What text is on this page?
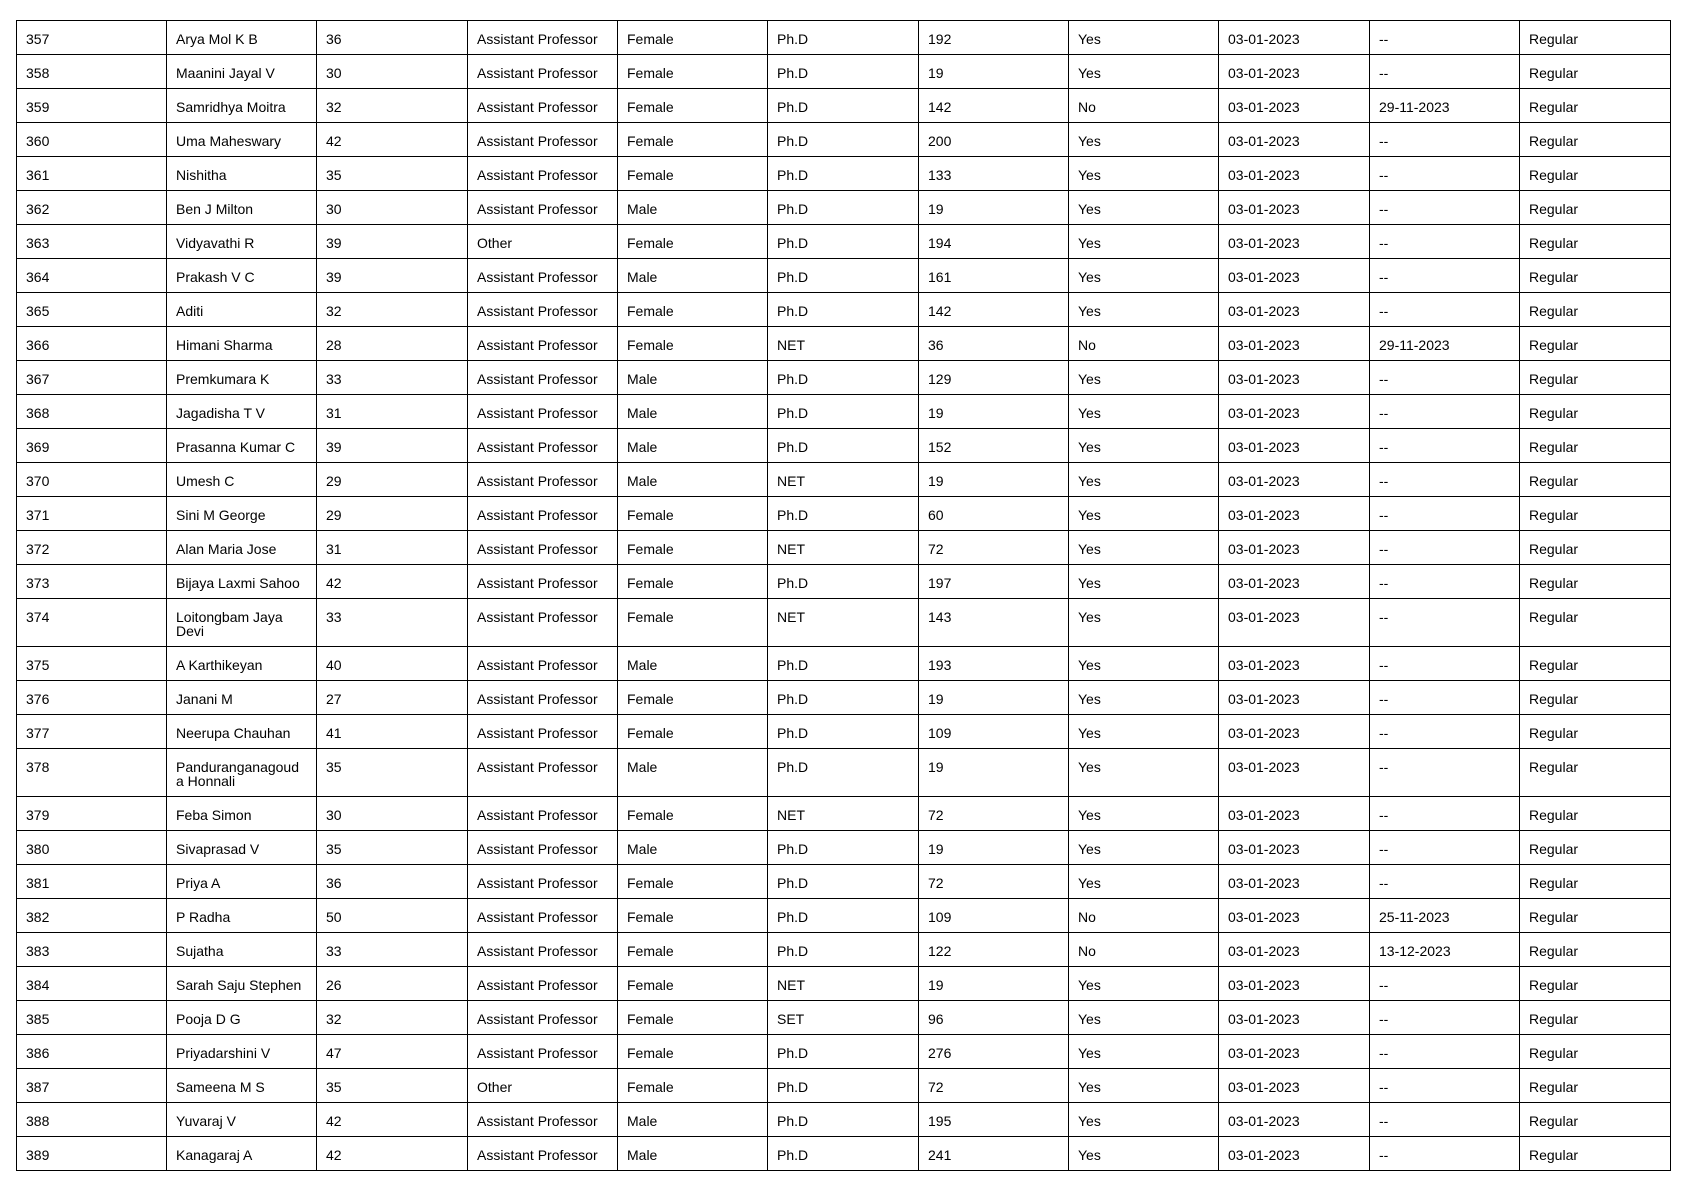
357	Arya Mol K B	36	Assistant Professor	Female	Ph.D	192	Yes	03-01-2023	--	Regular
358	Maanini Jayal V	30	Assistant Professor	Female	Ph.D	19	Yes	03-01-2023	--	Regular
359	Samridhya Moitra	32	Assistant Professor	Female	Ph.D	142	No	03-01-2023	29-11-2023	Regular
360	Uma Maheswary	42	Assistant Professor	Female	Ph.D	200	Yes	03-01-2023	--	Regular
361	Nishitha	35	Assistant Professor	Female	Ph.D	133	Yes	03-01-2023	--	Regular
362	Ben J Milton	30	Assistant Professor	Male	Ph.D	19	Yes	03-01-2023	--	Regular
363	Vidyavathi R	39	Other	Female	Ph.D	194	Yes	03-01-2023	--	Regular
364	Prakash V C	39	Assistant Professor	Male	Ph.D	161	Yes	03-01-2023	--	Regular
365	Aditi	32	Assistant Professor	Female	Ph.D	142	Yes	03-01-2023	--	Regular
366	Himani Sharma	28	Assistant Professor	Female	NET	36	No	03-01-2023	29-11-2023	Regular
367	Premkumara K	33	Assistant Professor	Male	Ph.D	129	Yes	03-01-2023	--	Regular
368	Jagadisha T V	31	Assistant Professor	Male	Ph.D	19	Yes	03-01-2023	--	Regular
369	Prasanna Kumar C	39	Assistant Professor	Male	Ph.D	152	Yes	03-01-2023	--	Regular
370	Umesh C	29	Assistant Professor	Male	NET	19	Yes	03-01-2023	--	Regular
371	Sini M George	29	Assistant Professor	Female	Ph.D	60	Yes	03-01-2023	--	Regular
372	Alan Maria Jose	31	Assistant Professor	Female	NET	72	Yes	03-01-2023	--	Regular
373	Bijaya Laxmi Sahoo	42	Assistant Professor	Female	Ph.D	197	Yes	03-01-2023	--	Regular
374	Loitongbam Jaya Devi	33	Assistant Professor	Female	NET	143	Yes	03-01-2023	--	Regular
375	A Karthikeyan	40	Assistant Professor	Male	Ph.D	193	Yes	03-01-2023	--	Regular
376	Janani M	27	Assistant Professor	Female	Ph.D	19	Yes	03-01-2023	--	Regular
377	Neerupa Chauhan	41	Assistant Professor	Female	Ph.D	109	Yes	03-01-2023	--	Regular
378	Panduranganagouda Honnali	35	Assistant Professor	Male	Ph.D	19	Yes	03-01-2023	--	Regular
379	Feba Simon	30	Assistant Professor	Female	NET	72	Yes	03-01-2023	--	Regular
380	Sivaprasad V	35	Assistant Professor	Male	Ph.D	19	Yes	03-01-2023	--	Regular
381	Priya A	36	Assistant Professor	Female	Ph.D	72	Yes	03-01-2023	--	Regular
382	P Radha	50	Assistant Professor	Female	Ph.D	109	No	03-01-2023	25-11-2023	Regular
383	Sujatha	33	Assistant Professor	Female	Ph.D	122	No	03-01-2023	13-12-2023	Regular
384	Sarah Saju Stephen	26	Assistant Professor	Female	NET	19	Yes	03-01-2023	--	Regular
385	Pooja D G	32	Assistant Professor	Female	SET	96	Yes	03-01-2023	--	Regular
386	Priyadarshini V	47	Assistant Professor	Female	Ph.D	276	Yes	03-01-2023	--	Regular
387	Sameena M S	35	Other	Female	Ph.D	72	Yes	03-01-2023	--	Regular
388	Yuvaraj V	42	Assistant Professor	Male	Ph.D	195	Yes	03-01-2023	--	Regular
389	Kanagaraj A	42	Assistant Professor	Male	Ph.D	241	Yes	03-01-2023	--	Regular
